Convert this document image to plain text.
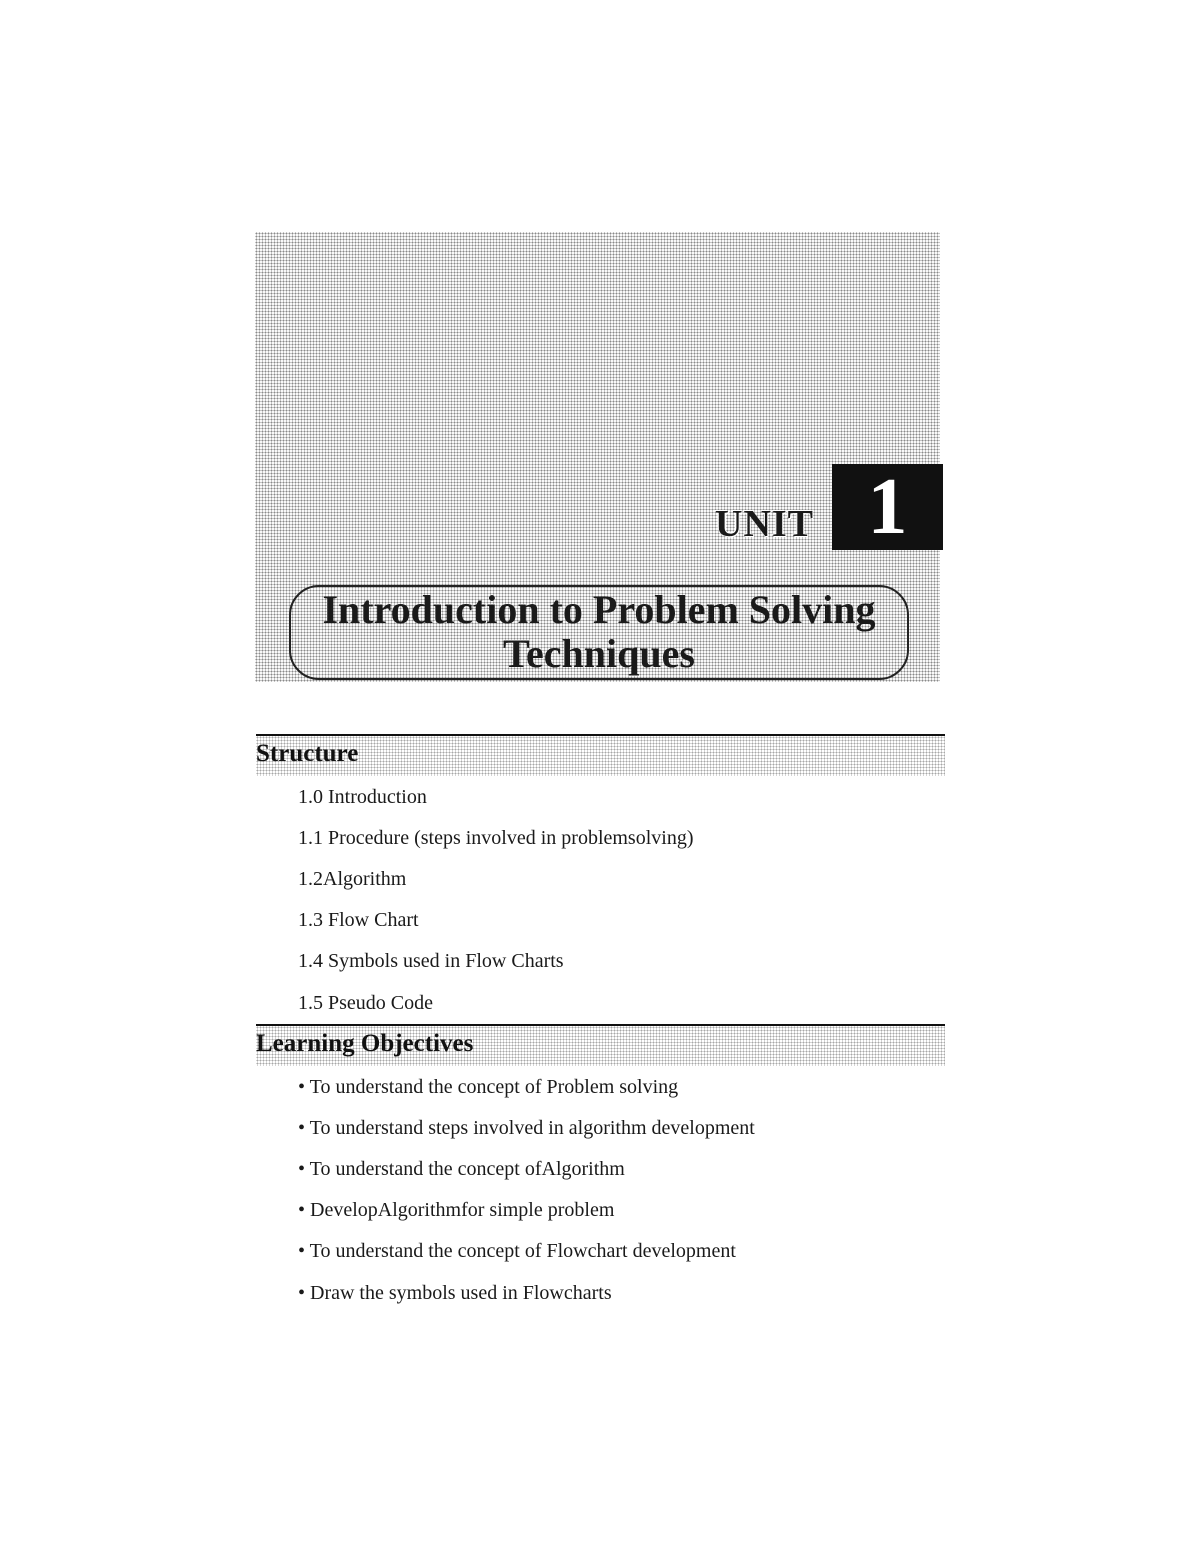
UNIT 1
Introduction to Problem Solving
Techniques
Structure
1.0 Introduction
1.1 Procedure (steps involved in problemsolving)
1.2Algorithm
1.3 Flow Chart
1.4 Symbols used in Flow Charts
1.5 Pseudo Code
Learning Objectives
• To understand the concept of Problem solving
• To understand steps involved in algorithm development
• To understand the concept ofAlgorithm
• DevelopAlgorithmfor simple problem
• To understand the concept of Flowchart development
• Draw the symbols used in Flowcharts
